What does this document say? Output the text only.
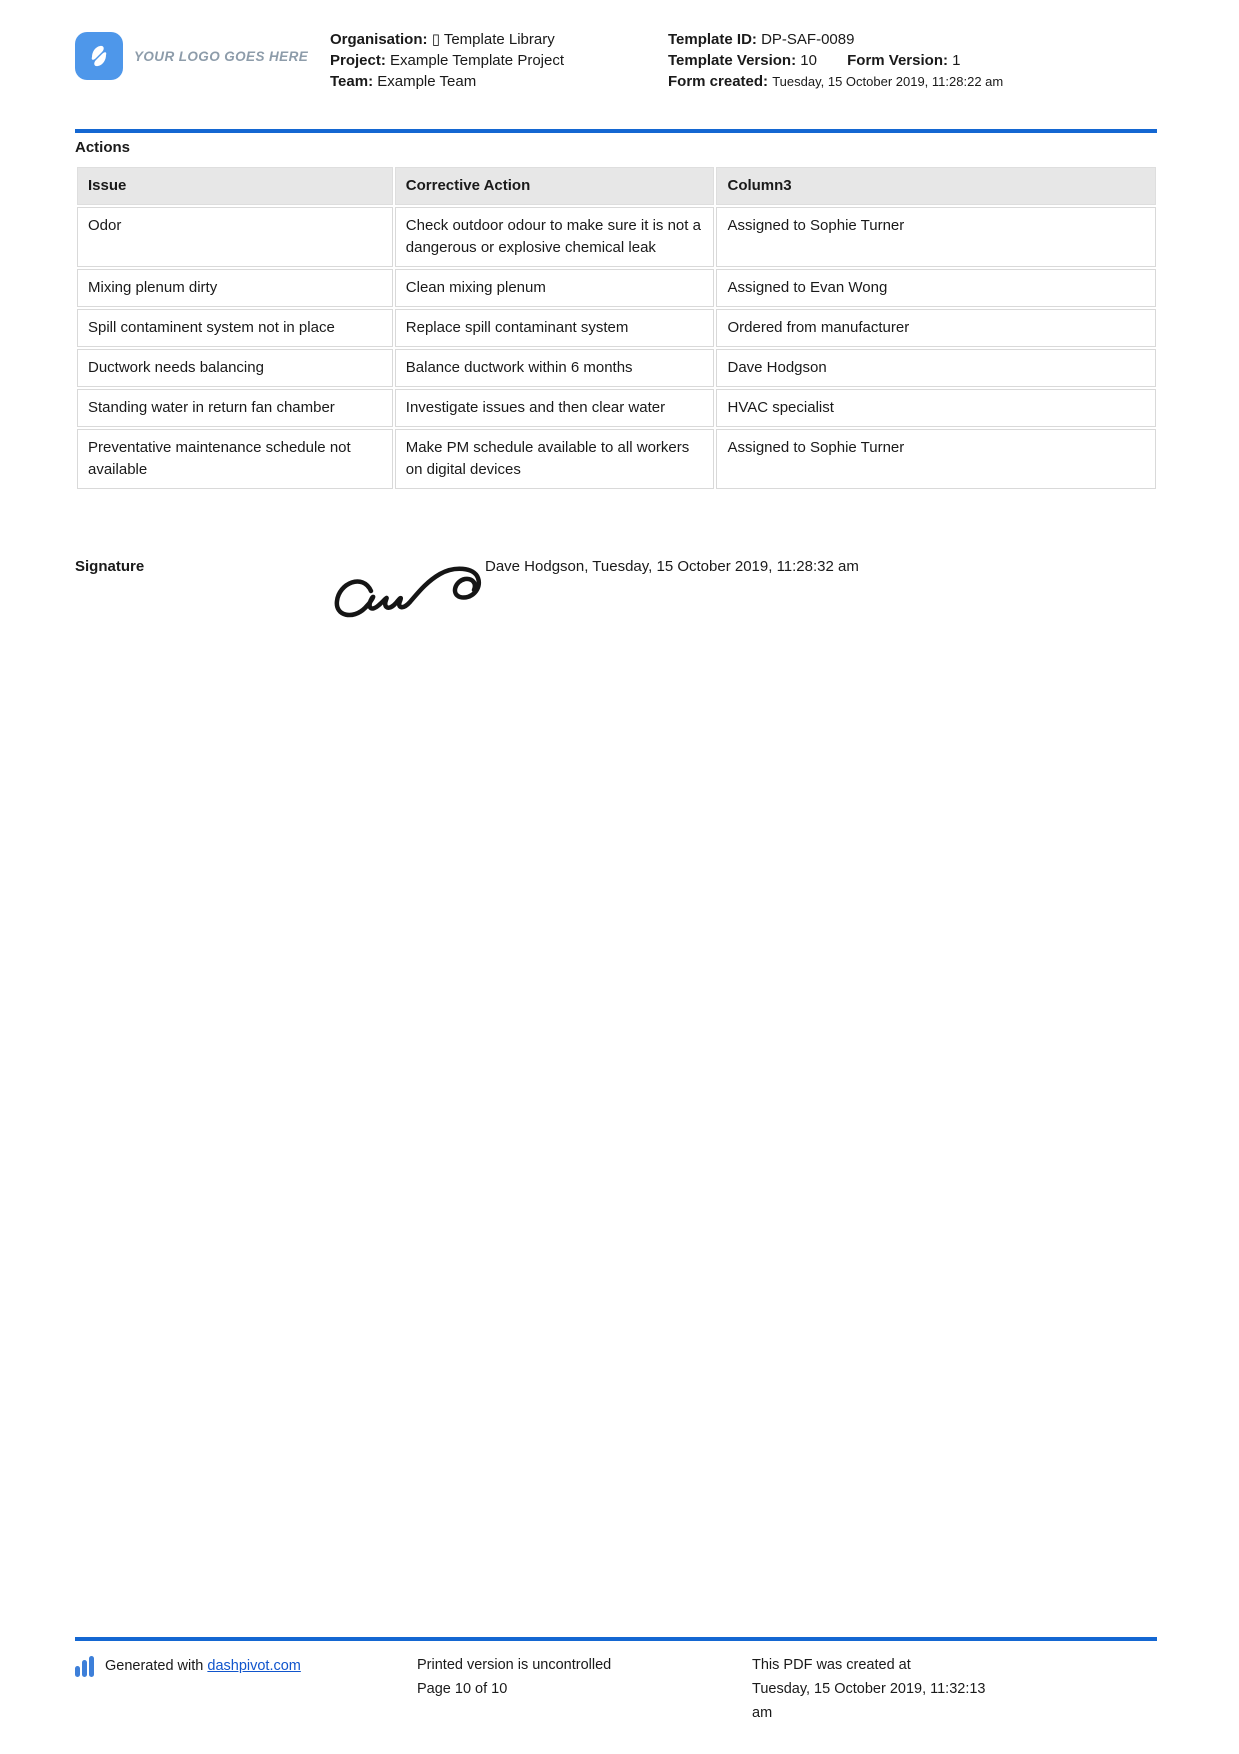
YOUR LOGO GOES HERE
Organisation: ▯ Template Library
Project: Example Template Project
Team: Example Team
Template ID: DP-SAF-0089
Template Version: 10 Form Version: 1
Form created: Tuesday, 15 October 2019, 11:28:22 am
Actions
Issue	Corrective Action	Column3
Odor	Check outdoor odour to make sure it is not a dangerous or explosive chemical leak	Assigned to Sophie Turner
Mixing plenum dirty	Clean mixing plenum	Assigned to Evan Wong
Spill contaminent system not in place	Replace spill contaminant system	Ordered from manufacturer
Ductwork needs balancing	Balance ductwork within 6 months	Dave Hodgson
Standing water in return fan chamber	Investigate issues and then clear water	HVAC specialist
Preventative maintenance schedule not available	Make PM schedule available to all workers on digital devices	Assigned to Sophie Turner
Signature	Dave Hodgson, Tuesday, 15 October 2019, 11:28:32 am
Generated with
dashpivot.com	Printed version is uncontrolled
Page 10 of 10
This PDF was created at
Tuesday, 15 October 2019, 11:32:13
am
